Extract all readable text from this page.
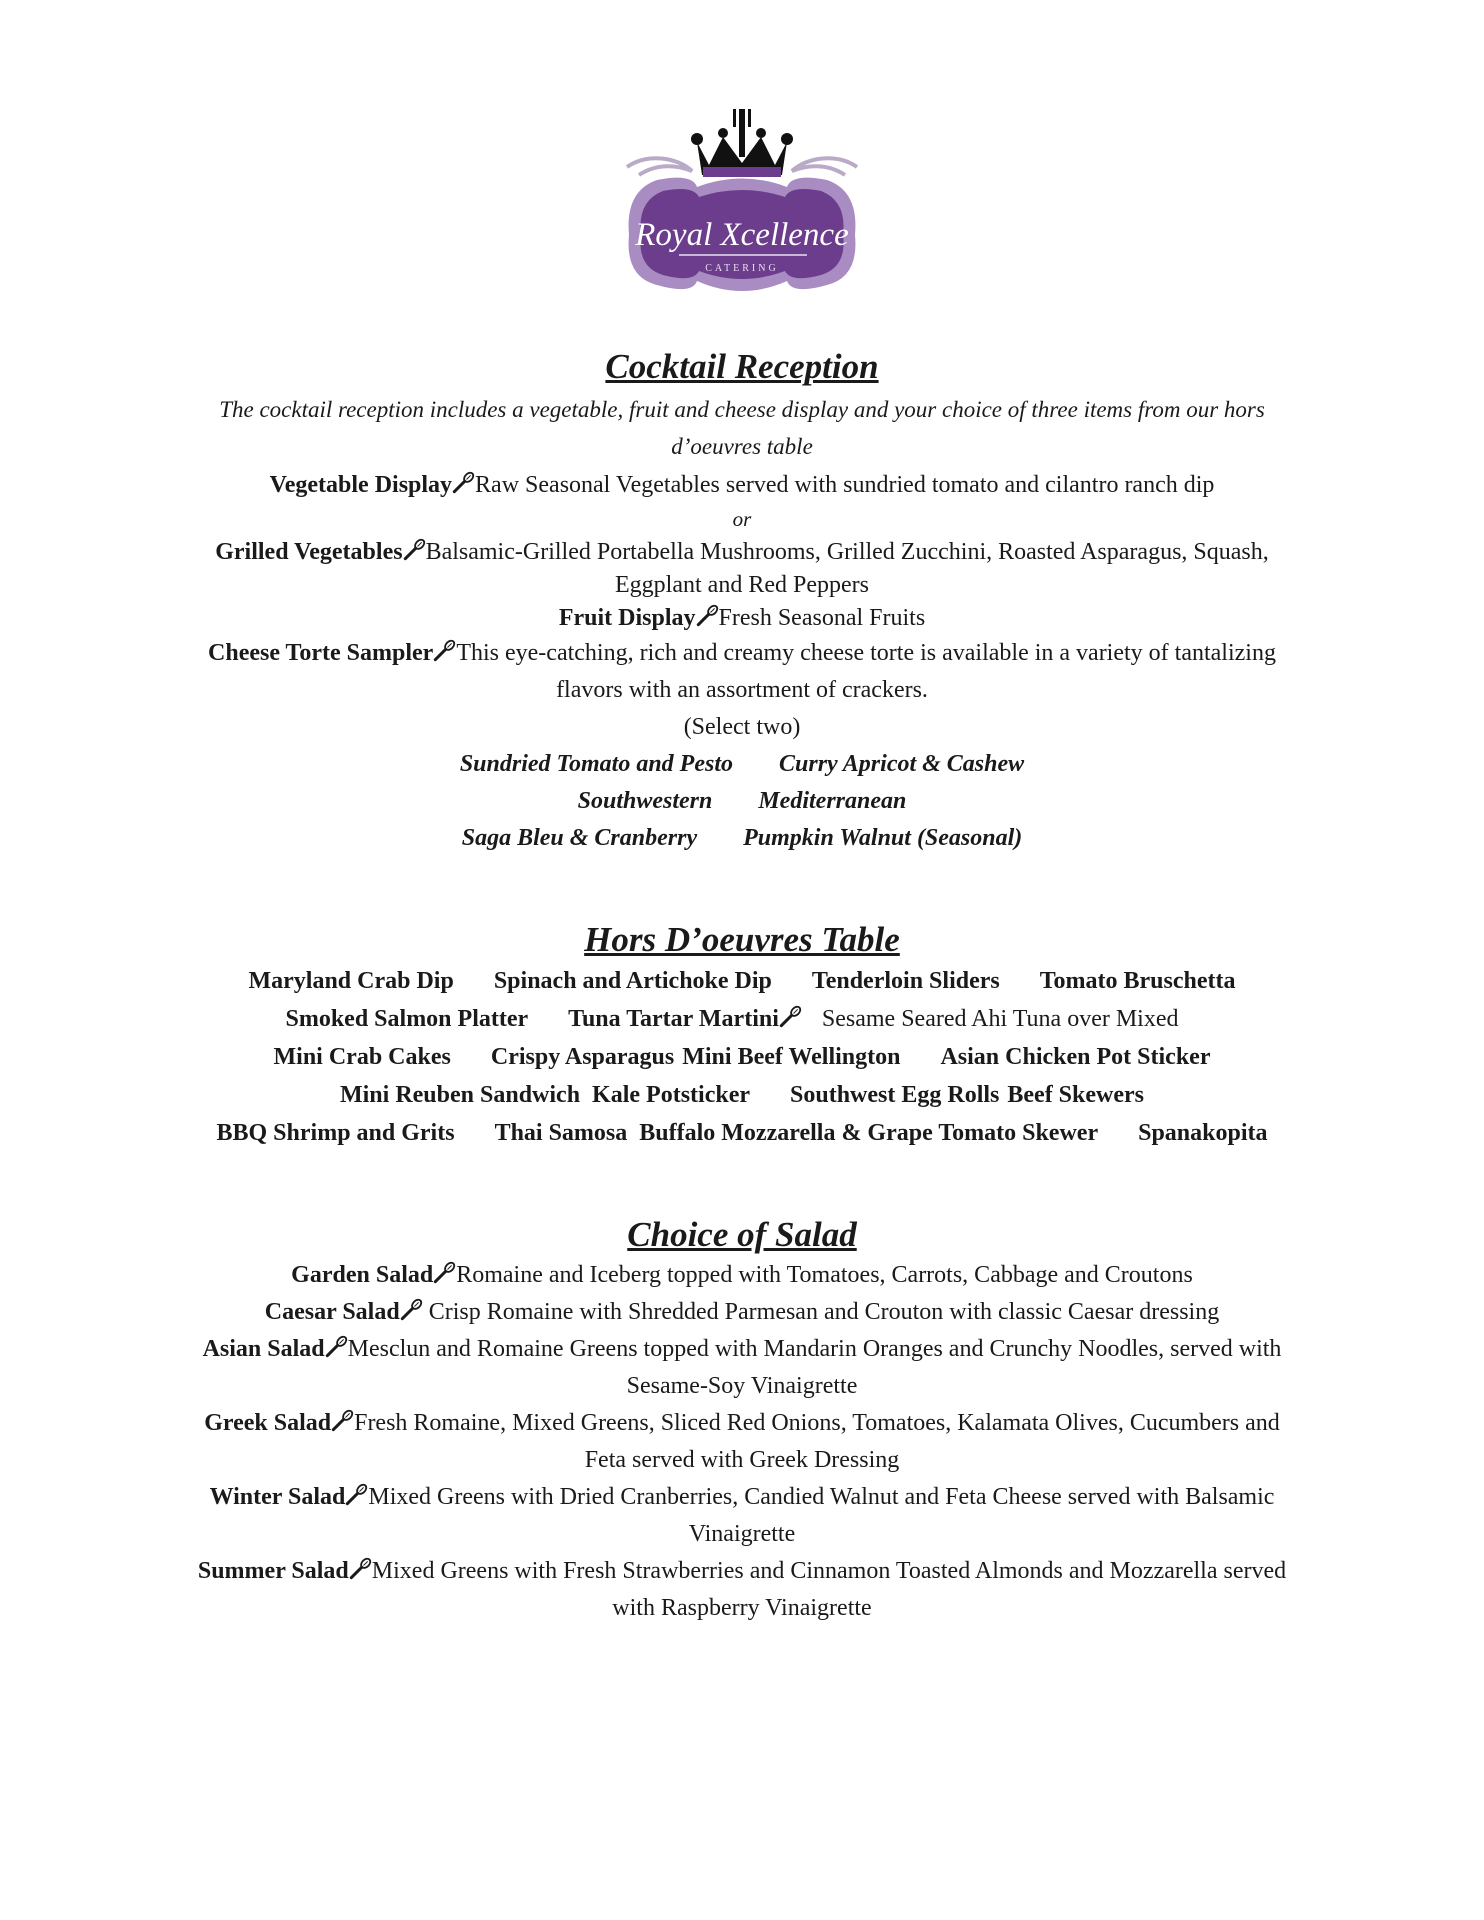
Royal Xcellence
CATERING
Cocktail Reception

The cocktail reception includes a vegetable, fruit and cheese display and your choice of three items from our hors d’oeuvres table

Vegetable Display Raw Seasonal Vegetables served with sundried tomato and cilantro ranch dip

or

Grilled Vegetables Balsamic-Grilled Portabella Mushrooms, Grilled Zucchini, Roasted Asparagus, Squash, Eggplant and Red Peppers

Fruit Display Fresh Seasonal Fruits

Cheese Torte Sampler This eye-catching, rich and creamy cheese torte is available in a variety of tantalizing flavors with an assortment of crackers.

(Select two)

Sundried Tomato and Pesto Curry Apricot & Cashew
Southwestern Mediterranean
Saga Bleu & Cranberry Pumpkin Walnut (Seasonal)
Hors D’oeuvres Table
Maryland Crab Dip Spinach and Artichoke Dip Tenderloin Sliders Tomato Bruschetta
Smoked Salmon Platter Tuna Tartar Martini Sesame Seared Ahi Tuna over Mixed
Mini Crab Cakes Crispy Asparagus Mini Beef Wellington Asian Chicken Pot Sticker
Mini Reuben Sandwich Kale Potsticker Southwest Egg Rolls Beef Skewers
BBQ Shrimp and Grits Thai Samosa Buffalo Mozzarella & Grape Tomato Skewer Spanakopita
Choice of Salad

Garden Salad Romaine and Iceberg topped with Tomatoes, Carrots, Cabbage and Croutons

Caesar Salad Crisp Romaine with Shredded Parmesan and Crouton with classic Caesar dressing

Asian Salad Mesclun and Romaine Greens topped with Mandarin Oranges and Crunchy Noodles, served with Sesame-Soy Vinaigrette

Greek Salad Fresh Romaine, Mixed Greens, Sliced Red Onions, Tomatoes, Kalamata Olives, Cucumbers and Feta served with Greek Dressing

Winter Salad Mixed Greens with Dried Cranberries, Candied Walnut and Feta Cheese served with Balsamic Vinaigrette

Summer Salad Mixed Greens with Fresh Strawberries and Cinnamon Toasted Almonds and Mozzarella served with Raspberry Vinaigrette
